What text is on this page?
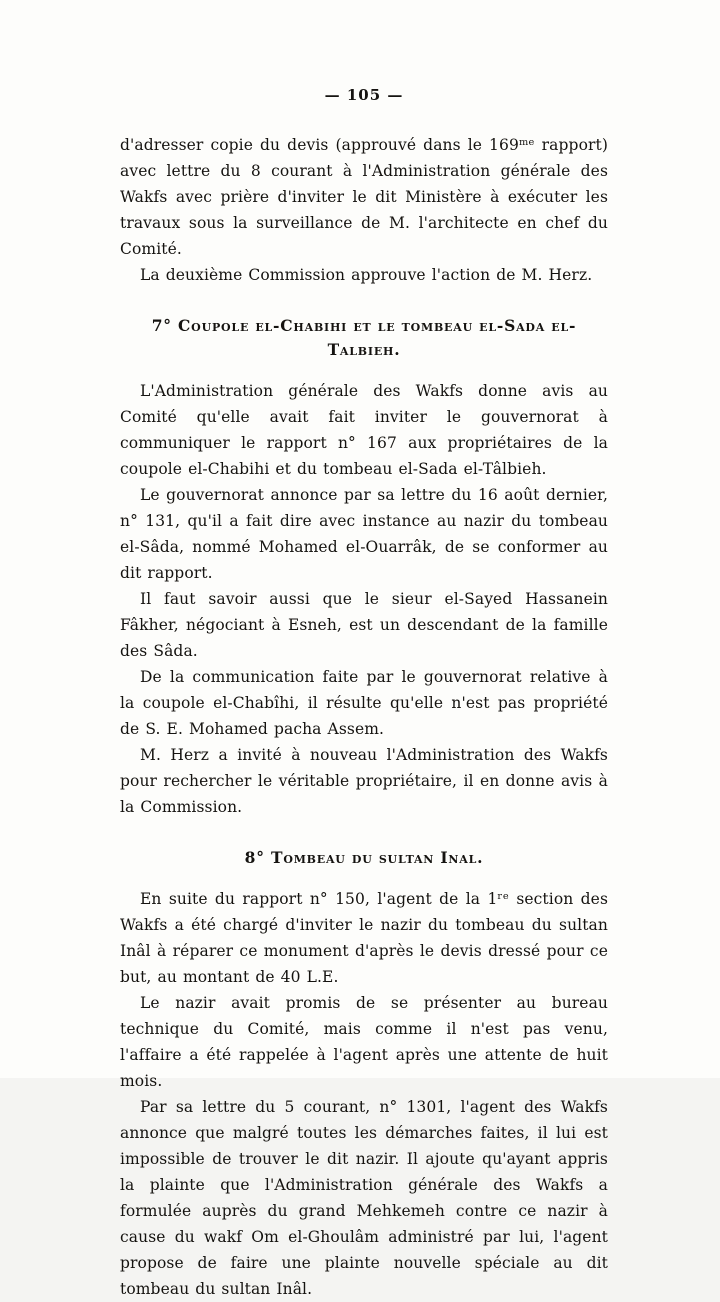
— 105 —

d'adresser copie du devis (approuvé dans le 169ᵐᵉ rapport) avec lettre du 8 courant à l'Administration générale des Wakfs avec prière d'inviter le dit Ministère à exécuter les travaux sous la surveillance de M. l'architecte en chef du Comité.

La deuxième Commission approuve l'action de M. Herz.

7° Coupole el-Chabihi et le tombeau el-Sada el-Talbieh.

L'Administration générale des Wakfs donne avis au Comité qu'elle avait fait inviter le gouvernorat à communiquer le rapport n° 167 aux propriétaires de la coupole el-Chabihi et du tombeau el-Sada el-Tâlbieh.

Le gouvernorat annonce par sa lettre du 16 août dernier, n° 131, qu'il a fait dire avec instance au nazir du tombeau el-Sâda, nommé Mohamed el-Ouarrâk, de se conformer au dit rapport.

Il faut savoir aussi que le sieur el-Sayed Hassanein Fâkher, négociant à Esneh, est un descendant de la famille des Sâda.

De la communication faite par le gouvernorat relative à la coupole el-Chabîhi, il résulte qu'elle n'est pas propriété de S. E. Mohamed pacha Assem.

M. Herz a invité à nouveau l'Administration des Wakfs pour rechercher le véritable propriétaire, il en donne avis à la Commission.

8° Tombeau du sultan Inal.

En suite du rapport n° 150, l'agent de la 1ʳᵉ section des Wakfs a été chargé d'inviter le nazir du tombeau du sultan Inâl à réparer ce monument d'après le devis dressé pour ce but, au montant de 40 L.E.

Le nazir avait promis de se présenter au bureau technique du Comité, mais comme il n'est pas venu, l'affaire a été rappelée à l'agent après une attente de huit mois.

Par sa lettre du 5 courant, n° 1301, l'agent des Wakfs annonce que malgré toutes les démarches faites, il lui est impossible de trouver le dit nazir. Il ajoute qu'ayant appris la plainte que l'Administration générale des Wakfs a formulée auprès du grand Mehkemeh contre ce nazir à cause du wakf Om el-Ghoulâm administré par lui, l'agent propose de faire une plainte nouvelle spéciale au dit tombeau du sultan Inâl.
